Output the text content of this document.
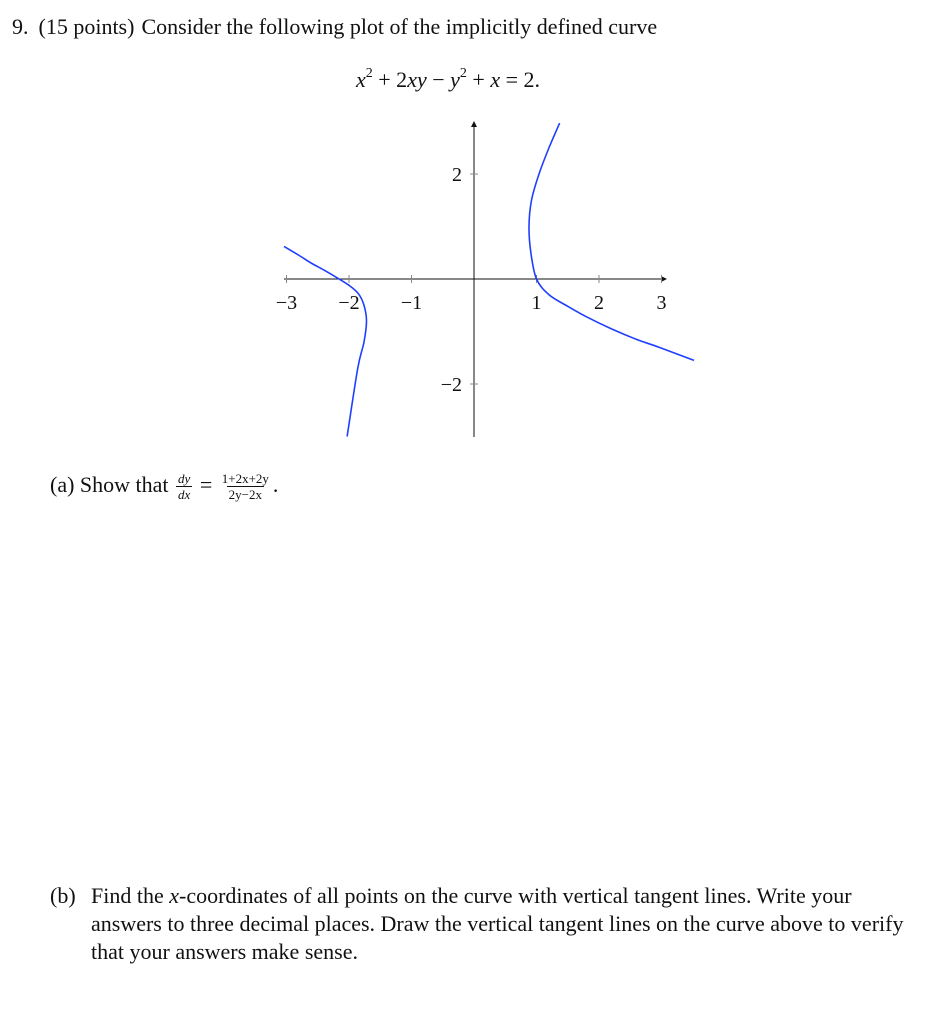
9. (15 points) Consider the following plot of the implicitly defined curve
$x^2 + 2xy - y^2 + x = 2$.
−3 −2 −1	1	2	3
2
−2
(a) Show that $\frac{dy}{dx} = \frac{1+2x+2y}{2y-2x}$ .
(b) Find the x-coordinates of all points on the curve with vertical tangent lines. Write your answers to three decimal places. Draw the vertical tangent lines on the curve above to verify that your answers make sense.
